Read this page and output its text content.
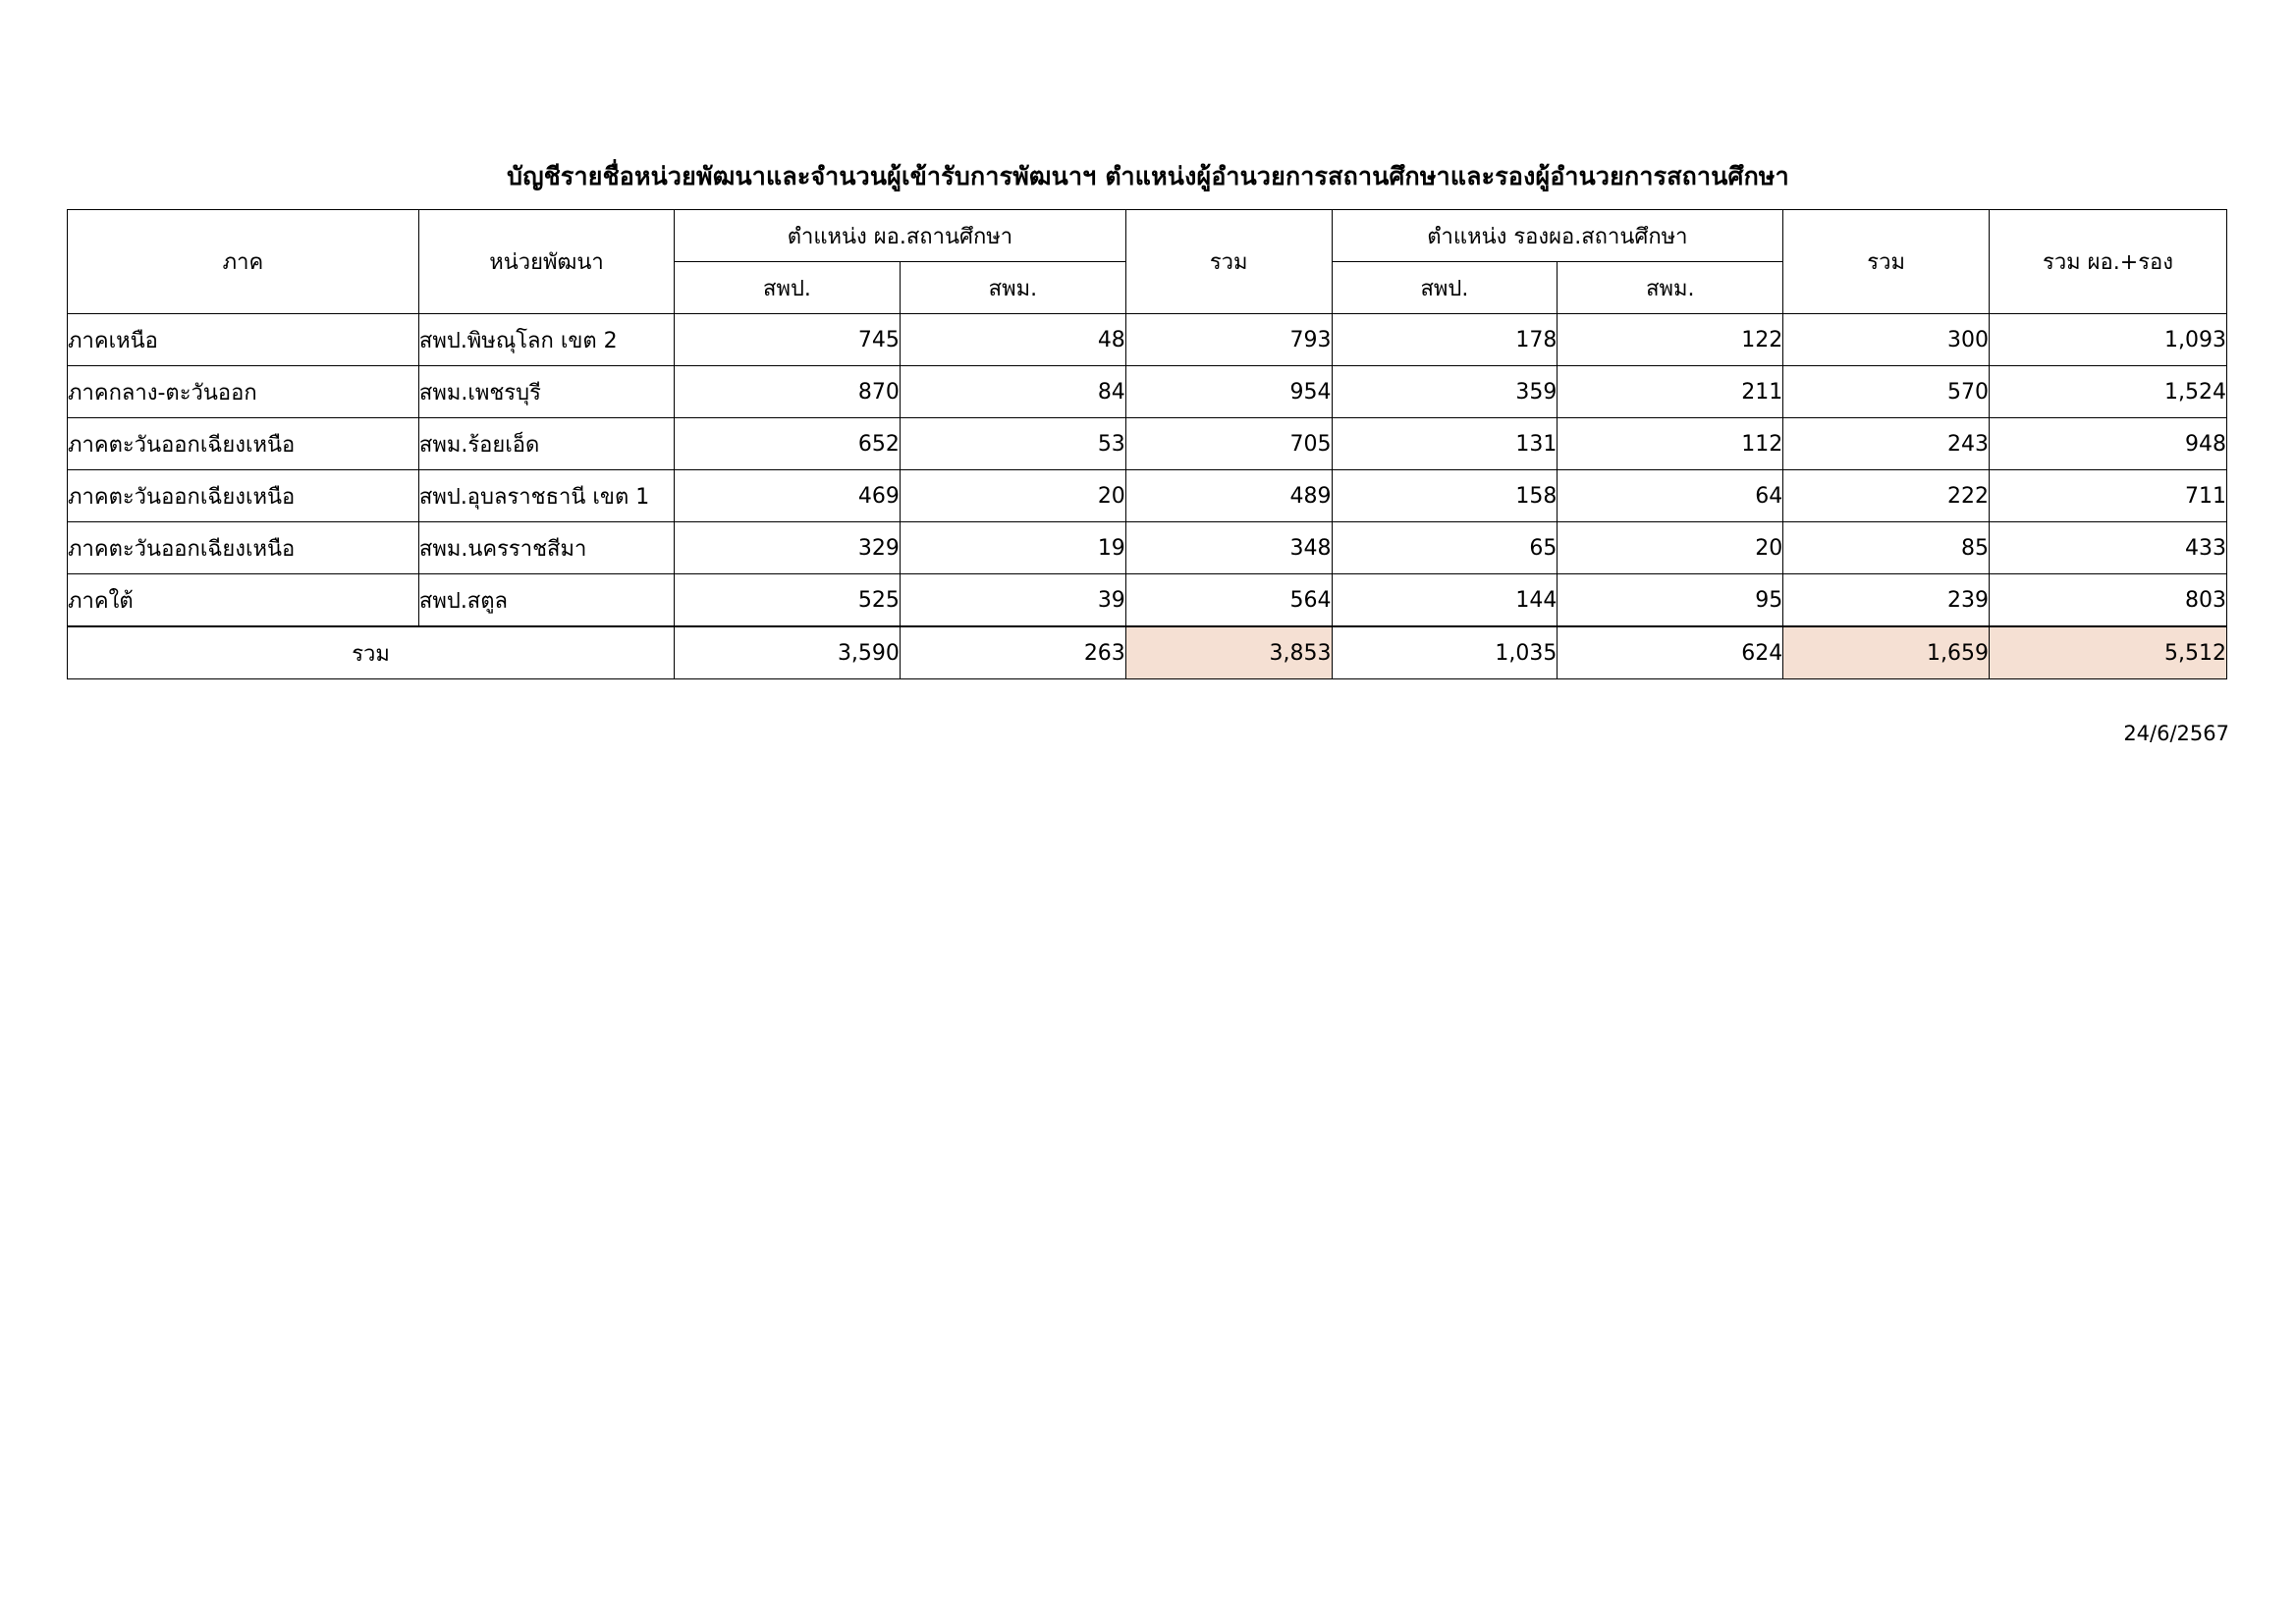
บัญชีรายชื่อหน่วยพัฒนาและจำนวนผู้เข้ารับการพัฒนาฯ ตำแหน่งผู้อำนวยการสถานศึกษาและรองผู้อำนวยการสถานศึกษา
ภาค	หน่วยพัฒนา	ตำแหน่ง ผอ.สถานศึกษา		รวม	ตำแหน่ง รองผอ.สถานศึกษา		รวม	รวม ผอ.+รอง
		สพป.	สพม.		สพป.	สพม.		
ภาคเหนือ	สพป.พิษณุโลก เขต 2	745	48	793	178	122	300	1,093
ภาคกลาง-ตะวันออก	สพม.เพชรบุรี	870	84	954	359	211	570	1,524
ภาคตะวันออกเฉียงเหนือ	สพม.ร้อยเอ็ด	652	53	705	131	112	243	948
ภาคตะวันออกเฉียงเหนือ	สพป.อุบลราชธานี เขต 1	469	20	489	158	64	222	711
ภาคตะวันออกเฉียงเหนือ	สพม.นครราชสีมา	329	19	348	65	20	85	433
ภาคใต้	สพป.สตูล	525	39	564	144	95	239	803
รวม		3,590	263	3,853	1,035	624	1,659	5,512
24/6/2567
